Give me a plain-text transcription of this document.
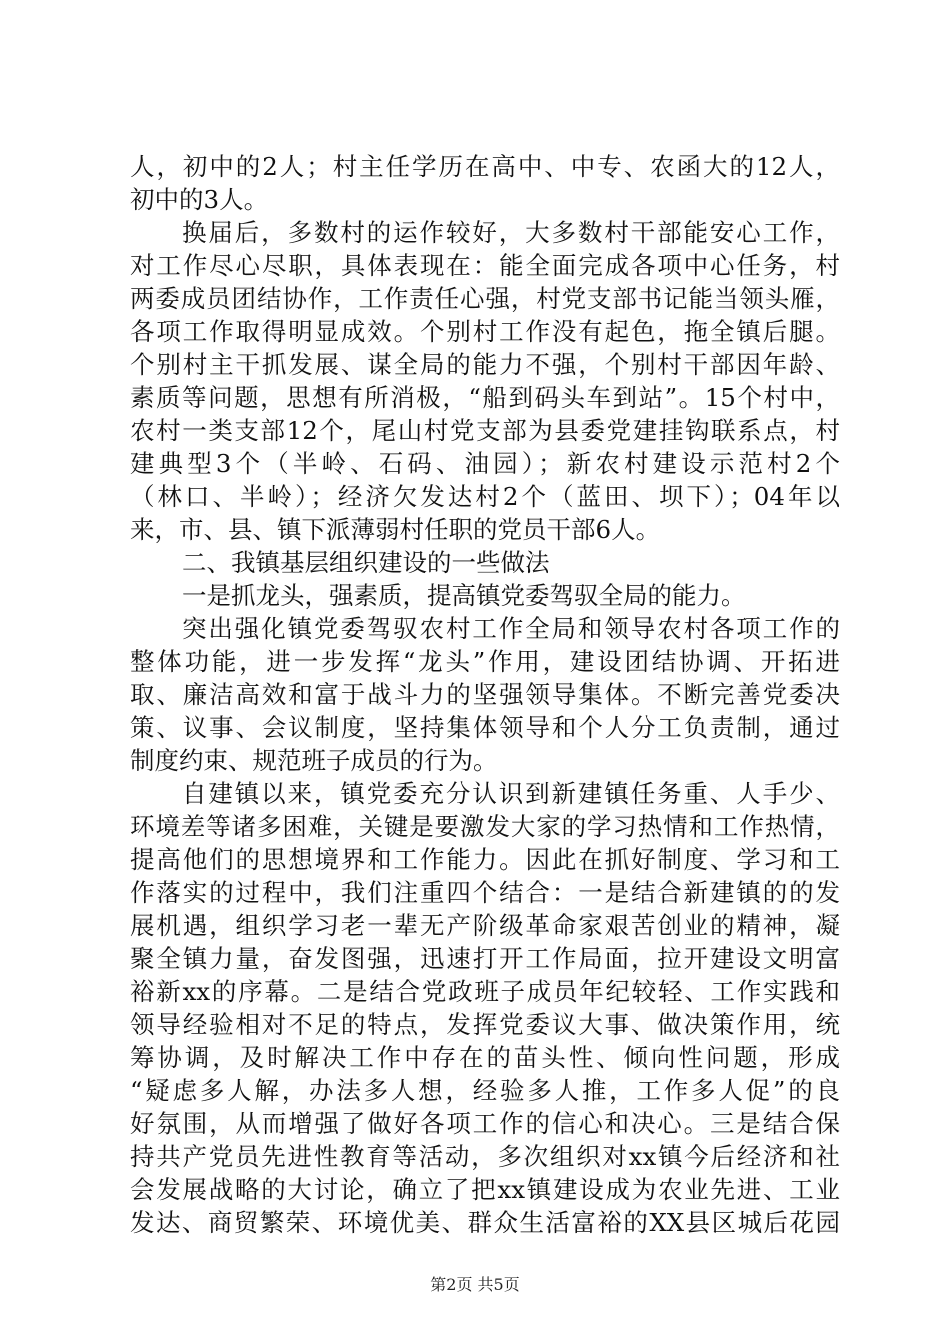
人，初中的2人；村主任学历在高中、中专、农函大的12人，
初中的3人。
换届后，多数村的运作较好，大多数村干部能安心工作，
对工作尽心尽职，具体表现在：能全面完成各项中心任务，村
两委成员团结协作，工作责任心强，村党支部书记能当领头雁，
各项工作取得明显成效。个别村工作没有起色，拖全镇后腿。
个别村主干抓发展、谋全局的能力不强，个别村干部因年龄、
素质等问题，思想有所消极，“船到码头车到站”。15个村中，
农村一类支部12个，尾山村党支部为县委党建挂钩联系点，村
建典型3个（半岭、石码、油园）；新农村建设示范村2个
（林口、半岭）；经济欠发达村2个（蓝田、坝下）；04年以
来，市、县、镇下派薄弱村任职的党员干部6人。
二、我镇基层组织建设的一些做法
一是抓龙头，强素质，提高镇党委驾驭全局的能力。
突出强化镇党委驾驭农村工作全局和领导农村各项工作的
整体功能，进一步发挥“龙头”作用，建设团结协调、开拓进
取、廉洁高效和富于战斗力的坚强领导集体。不断完善党委决
策、议事、会议制度，坚持集体领导和个人分工负责制，通过
制度约束、规范班子成员的行为。
自建镇以来，镇党委充分认识到新建镇任务重、人手少、
环境差等诸多困难，关键是要激发大家的学习热情和工作热情，
提高他们的思想境界和工作能力。因此在抓好制度、学习和工
作落实的过程中，我们注重四个结合：一是结合新建镇的的发
展机遇，组织学习老一辈无产阶级革命家艰苦创业的精神，凝
聚全镇力量，奋发图强，迅速打开工作局面，拉开建设文明富
裕新xx的序幕。二是结合党政班子成员年纪较轻、工作实践和
领导经验相对不足的特点，发挥党委议大事、做决策作用，统
筹协调，及时解决工作中存在的苗头性、倾向性问题，形成
“疑虑多人解，办法多人想，经验多人推，工作多人促”的良
好氛围，从而增强了做好各项工作的信心和决心。三是结合保
持共产党员先进性教育等活动，多次组织对xx镇今后经济和社
会发展战略的大讨论，确立了把xx镇建设成为农业先进、工业
发达、商贸繁荣、环境优美、群众生活富裕的XX县区城后花园
第2页 共5页
